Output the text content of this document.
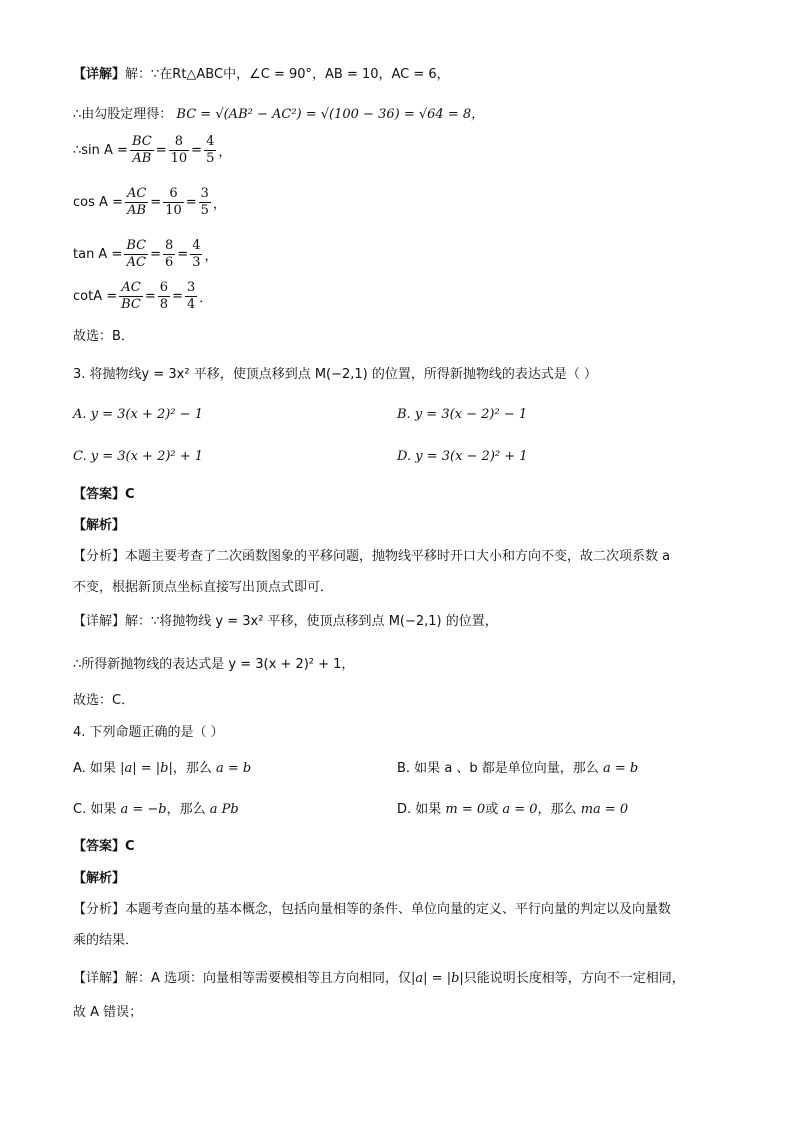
【详解】解：∵在Rt△ABC中，∠C = 90°，AB = 10，AC = 6，
∴由勾股定理得： BC = √(AB² − AC²) = √(100 − 36) = √64 = 8，
∴sin $A = \frac{BC}{AB} = \frac{8}{10} = \frac{4}{5}$ ，
$\cos A = \frac{AC}{AB} = \frac{6}{10} = \frac{3}{5}$ ，
$\tan A = \frac{BC}{AC} = \frac{8}{6} = \frac{4}{3}$ ，
$\cot A = \frac{AC}{BC} = \frac{6}{8} = \frac{3}{4}$ ．
故选：B．
3. 将抛物线y = 3x² 平移，使顶点移到点 M(−2,1) 的位置，所得新抛物线的表达式是（ ）
A. y = 3(x + 2)² − 1	B. y = 3(x − 2)² − 1
C. y = 3(x + 2)² + 1	D. y = 3(x − 2)² + 1
【答案】C
【解析】
【分析】本题主要考查了二次函数图象的平移问题，抛物线平移时开口大小和方向不变，故二次项系数 a
不变，根据新顶点坐标直接写出顶点式即可．
【详解】解：∵将抛物线 y = 3x² 平移，使顶点移到点 M(−2,1) 的位置，
∴所得新抛物线的表达式是 y = 3(x + 2)² + 1，
故选：C．
4. 下列命题正确的是（ ）
A. 如果 |a| = |b|，那么 a = b	B. 如果 a 、b 都是单位向量，那么 a = b
C. 如果 a = −b，那么 a Pb	D. 如果 m = 0或 a = 0，那么 ma = 0
【答案】C
【解析】
【分析】本题考查向量的基本概念，包括向量相等的条件、单位向量的定义、平行向量的判定以及向量数
乘的结果．
【详解】解：A 选项：向量相等需要模相等且方向相同，仅|a| = |b|只能说明长度相等，方向不一定相同，
故 A 错误；
